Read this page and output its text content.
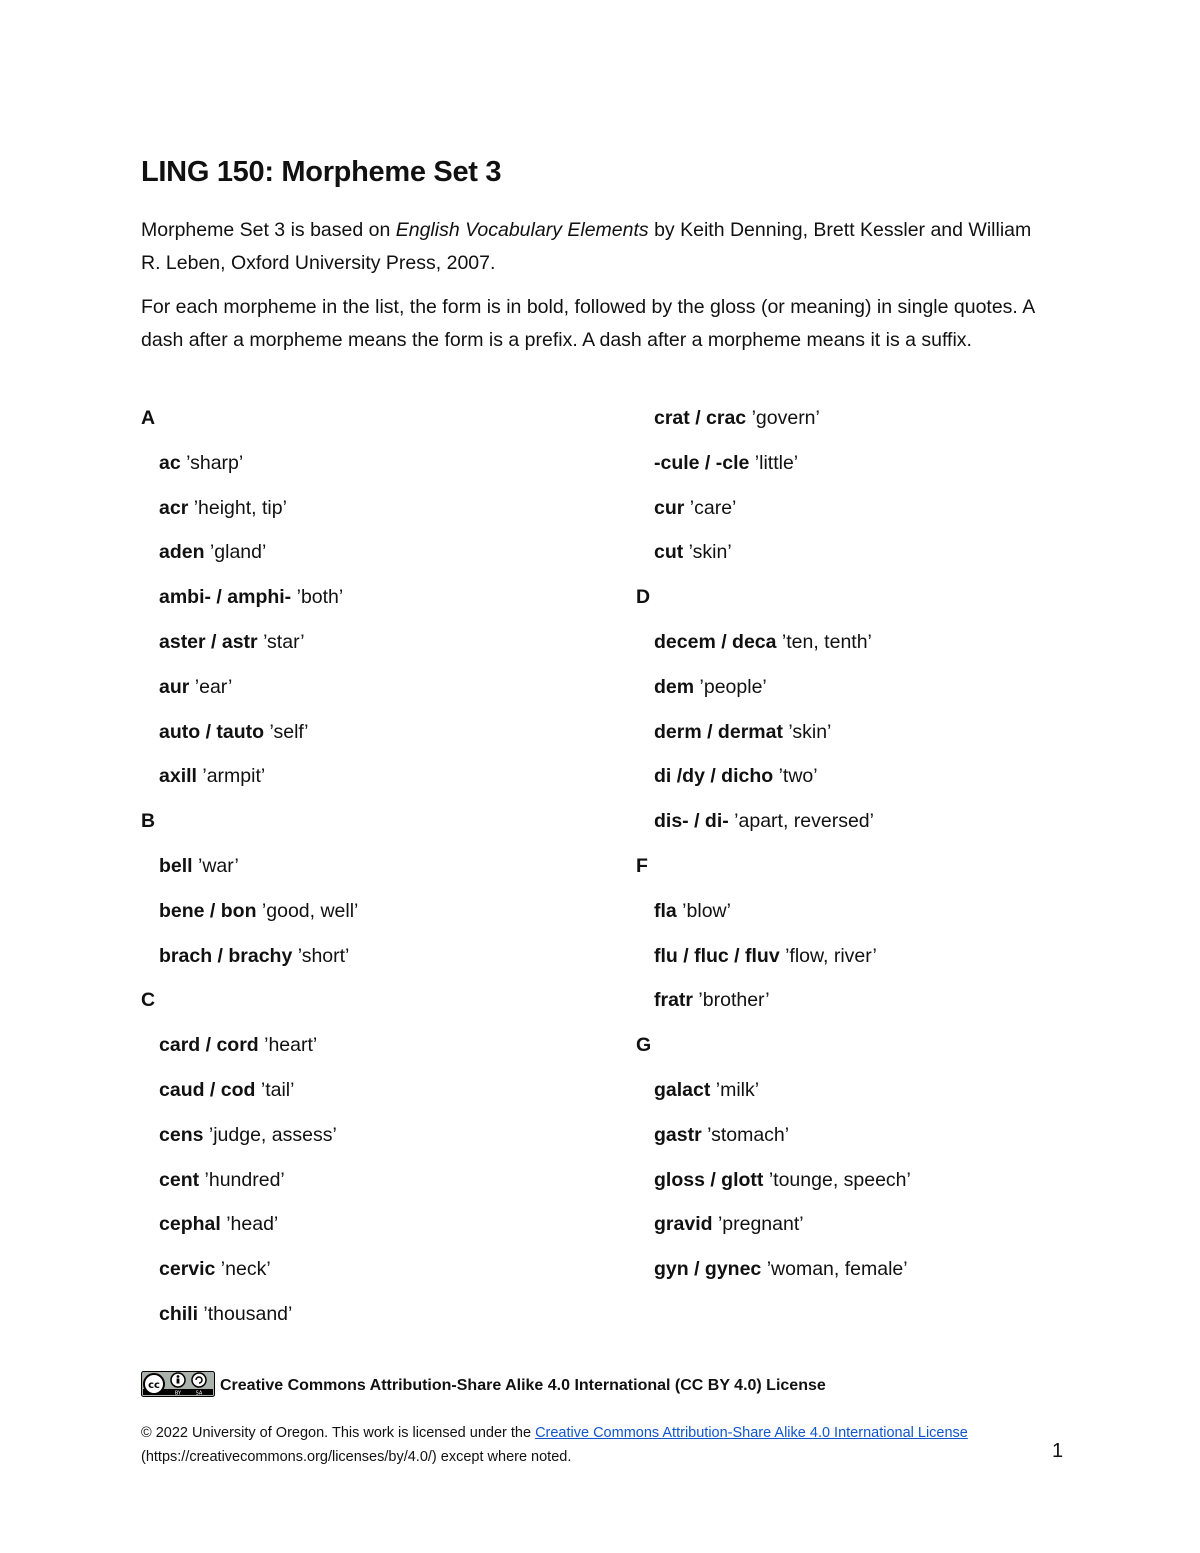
LING 150: Morpheme Set 3

Morpheme Set 3 is based on English Vocabulary Elements by Keith Denning, Brett Kessler and William R. Leben, Oxford University Press, 2007.

For each morpheme in the list, the form is in bold, followed by the gloss (or meaning) in single quotes. A dash after a morpheme means the form is a prefix. A dash after a morpheme means it is a suffix.

A
ac ’sharp’
acr ’height, tip’
aden ’gland’
ambi- / amphi- ’both’
aster / astr ’star’
aur ’ear’
auto / tauto ’self’
axill ’armpit’
B
bell ’war’
bene / bon ’good, well’
brach / brachy ’short’
C
card / cord ’heart’
caud / cod ’tail’
cens ’judge, assess’
cent ’hundred’
cephal ’head’
cervic ’neck’
chili ’thousand’
crat / crac ’govern’
-cule / -cle ’little’
cur ’care’
cut ’skin’
D
decem / deca ’ten, tenth’
dem ’people’
derm / dermat ’skin’
di /dy / dicho ’two’
dis- / di- ’apart, reversed’
F
fla ’blow’
flu / fluc / fluv ’flow, river’
fratr ’brother’
G
galact ’milk’
gastr ’stomach’
gloss / glott ’tounge, speech’
gravid ’pregnant’
gyn / gynec ’woman, female’
cc
BY	SA Creative Commons Attribution-Share Alike 4.0 International (CC BY 4.0) License

© 2022 University of Oregon. This work is licensed under the Creative Commons Attribution-Share Alike 4.0 International License (https://creativecommons.org/licenses/by/4.0/) except where noted.	1
